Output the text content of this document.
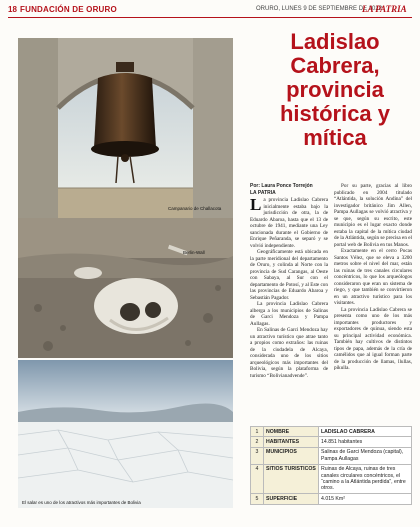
18 FUNDACIÓN DE ORURO	ORURO, LUNES 9 DE SEPTIEMBRE DE 2022
LA PATRIA
Campanario de Challacota
Berlin-Wall
El salar es uno de los atractivos más importantes de Bolivia
Ladislao Cabrera, provincia histórica y mítica
Por: Laura Ponce Torrejón
LA PATRIA

La provincia Ladislao Cabrera inicialmente estaba bajo la jurisdicción de otra, la de Eduardo Abaroa, hasta que el 13 de octubre de 1941, mediante una Ley sancionada durante el Gobierno de Enrique Peñaranda, se separó y se volvió independiente.

Geográficamente está ubicada en la parte meridional del departamento de Oruro, y colinda al Norte con la provincia de Sud Carangas, al Oeste con Sabaya, al Sur con el departamento de Potosí, y al Este con las provincias de Eduardo Abaroa y Sebastián Pagador.

La provincia Ladislao Cabrera alberga a los municipios de Salinas de Garci Mendoza y Pampa Aullagas.

En Salinas de Garci Mendoza hay un atractivo turístico que atrae tanto a propios como extraños: las ruinas de la ciudadela de Alcaya, considerada uno de los sitios arqueológicos más importantes del Bolivia, según la plataforma de turismo “Bolivianadvende”.

Por su parte, gracias al libro publicado en 2004 titulado “Atlántida, la solución Andina” del investigador británico Jim Allen, Pampa Aullagas se volvió atractiva y se que, según su escrito, este municipio es el lugar exacto donde estaba la capital de la mítica ciudad de la Atlántida, según se precisa en el portal web de Bolivia en tus Manos.

Exactamente en el cerro Pocas Santos Vélez, que se eleva a 3200 metros sobre el nivel del mar, están las ruinas de tres canales circulares concéntricos, lo que los arqueólogos consideraron que eran un sistema de riego, y que también se convirtieron en un atractivo turístico para los visitantes.

La provincia Ladislao Cabrera se presenta como uno de los más importantes productores y exportadores de quinua, siendo esta su principal actividad económica. También hay cultivos de distintos tipos de papa, además de la cría de camélidos que al igual forman parte de la producción de llamas, llullas, pikulla.

1	NOMBRE	LADISLAO CABRERA
2	HABITANTES	14.851 habitantes
3	MUNICIPIOS	Salinas de Garci Mendoza (capital), Pampa Aullagas
4	SITIOS TURISTICOS	Ruinas de Alcaya, ruinas de tres canales circulares concéntricos, el “camino a la Atlántida perdida”, entre otros.
5	SUPERFICIE	4.015 Km²
